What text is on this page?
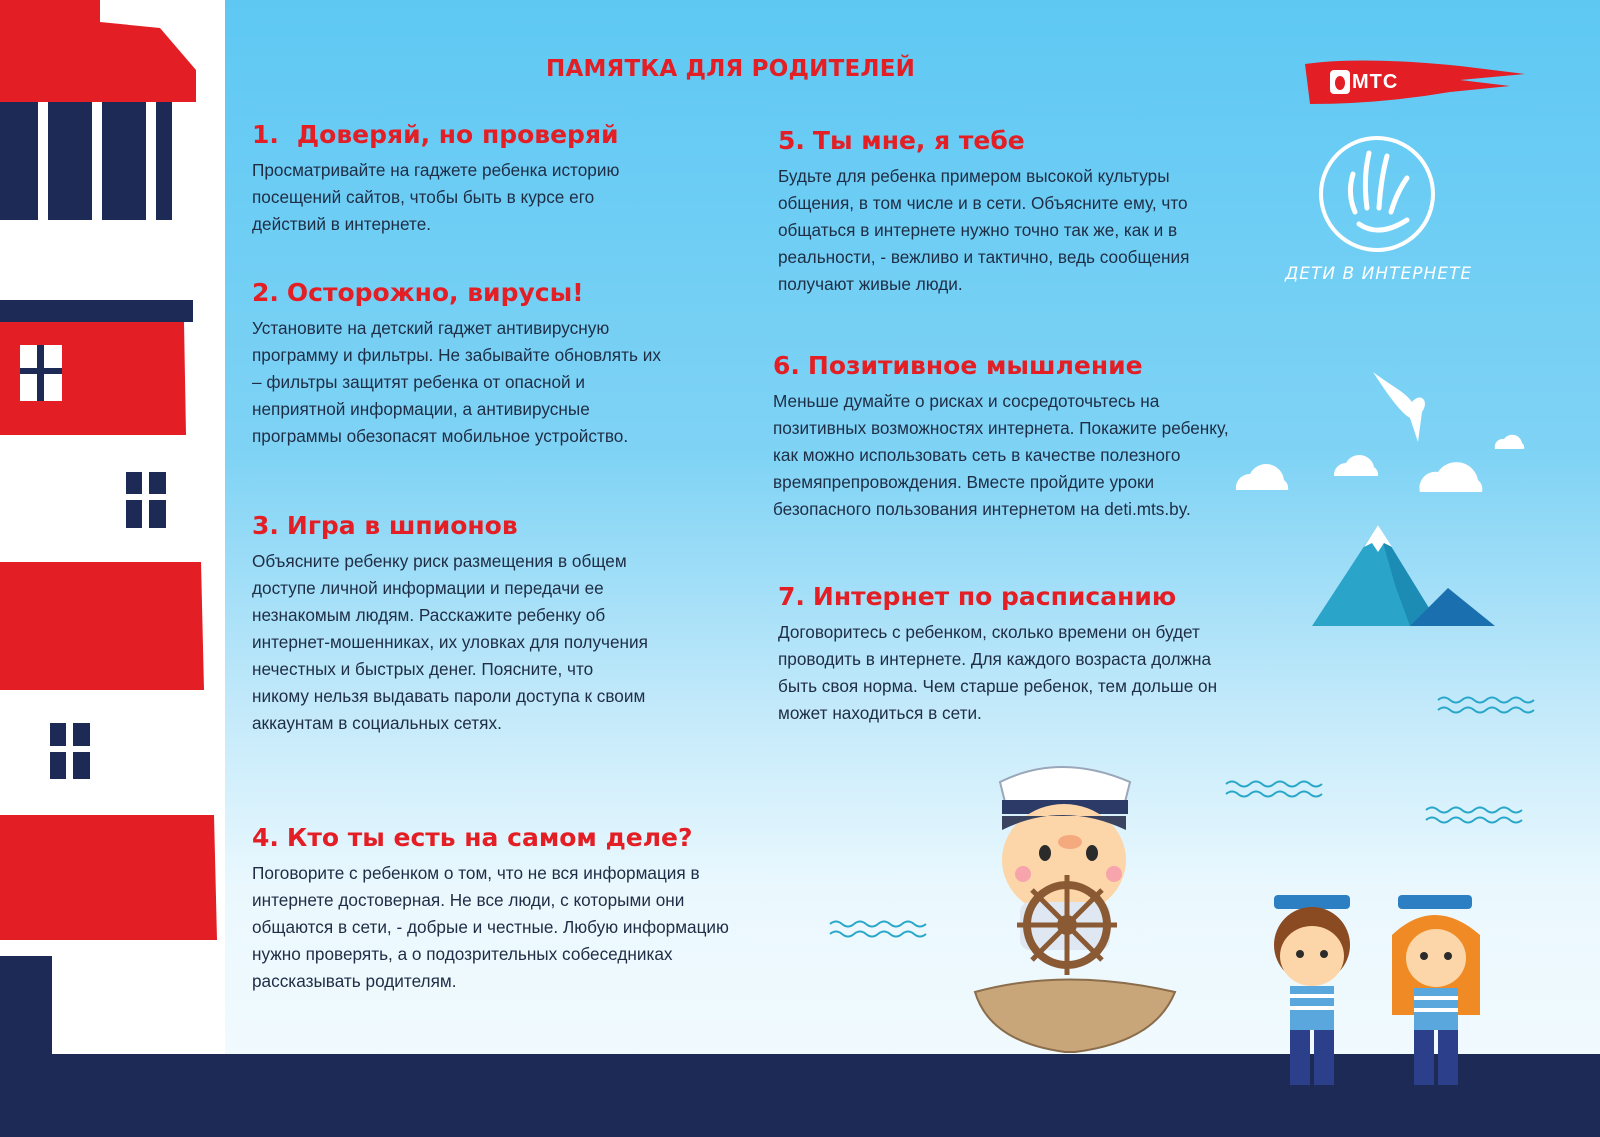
МТС
ДЕТИ В ИНТЕРНЕТЕ
ПАМЯТКА ДЛЯ РОДИТЕЛЕЙ
1. Доверяй, но проверяй

Просматривайте на гаджете ребенка историю посещений сайтов, чтобы быть в курсе его действий в интернете.

2. Осторожно, вирусы!

Установите на детский гаджет антивирусную программу и фильтры. Не забывайте обновлять их – фильтры защитят ребенка от опасной и неприятной информации, а антивирусные программы обезопасят мобильное устройство.

3. Игра в шпионов

Объясните ребенку риск размещения в общем доступе личной информации и передачи ее незнакомым людям. Расскажите ребенку об интернет-мошенниках, их уловках для получения нечестных и быстрых денег. Поясните, что никому нельзя выдавать пароли доступа к своим аккаунтам в социальных сетях.

4. Кто ты есть на самом деле?

Поговорите с ребенком о том, что не вся информация в интернете достоверная. Не все люди, с которыми они общаются в сети, - добрые и честные. Любую информацию нужно проверять, а о подозрительных собеседниках рассказывать родителям.

5. Ты мне, я тебе

Будьте для ребенка примером высокой культуры общения, в том числе и в сети. Объясните ему, что общаться в интернете нужно точно так же, как и в реальности, - вежливо и тактично, ведь сообщения получают живые люди.

6. Позитивное мышление

Меньше думайте о рисках и сосредоточьтесь на позитивных возможностях интернета. Покажите ребенку, как можно использовать сеть в качестве полезного времяпрепровождения. Вместе пройдите уроки безопасного пользования интернетом на deti.mts.by.

7. Интернет по расписанию

Договоритесь с ребенком, сколько времени он будет проводить в интернете. Для каждого возраста должна быть своя норма. Чем старше ребенок, тем дольше он может находиться в сети.
